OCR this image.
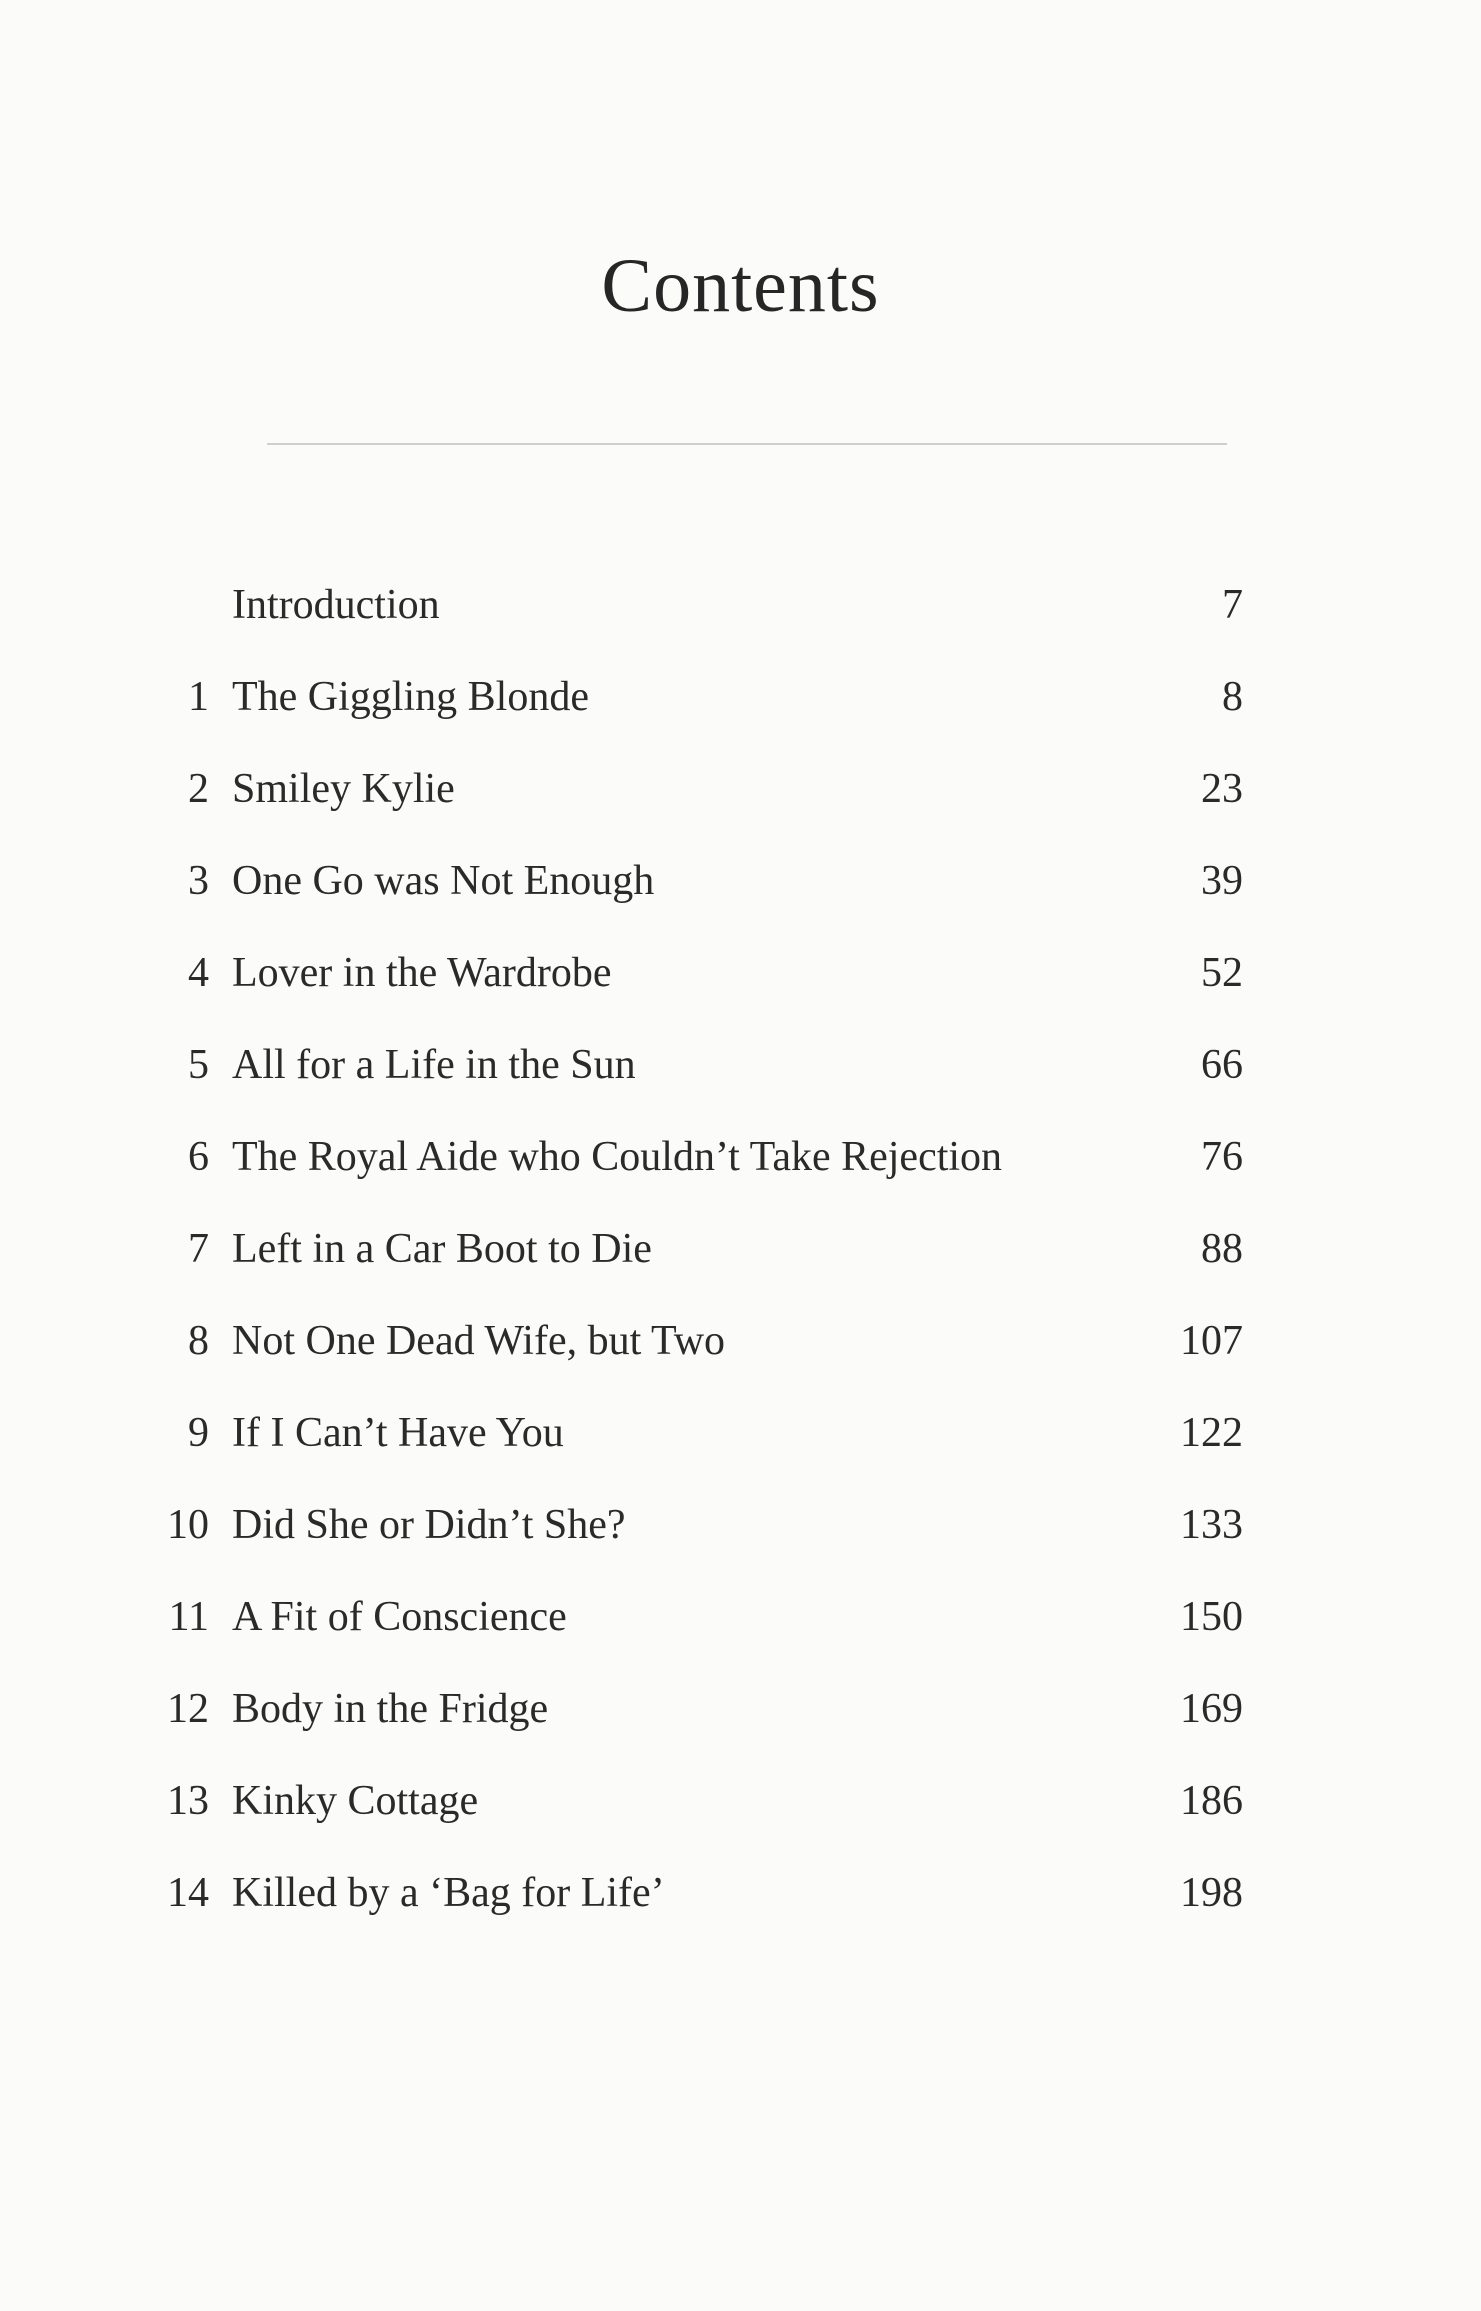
Contents
Introduction	7
1 The Giggling Blonde	8
2 Smiley Kylie	23
3 One Go was Not Enough	39
4 Lover in the Wardrobe	52
5 All for a Life in the Sun	66
6 The Royal Aide who Couldn’t Take Rejection	76
7 Left in a Car Boot to Die	88
8 Not One Dead Wife, but Two	107
9 If I Can’t Have You	122
10 Did She or Didn’t She?	133
11 A Fit of Conscience	150
12 Body in the Fridge	169
13 Kinky Cottage	186
14 Killed by a ‘Bag for Life’	198
